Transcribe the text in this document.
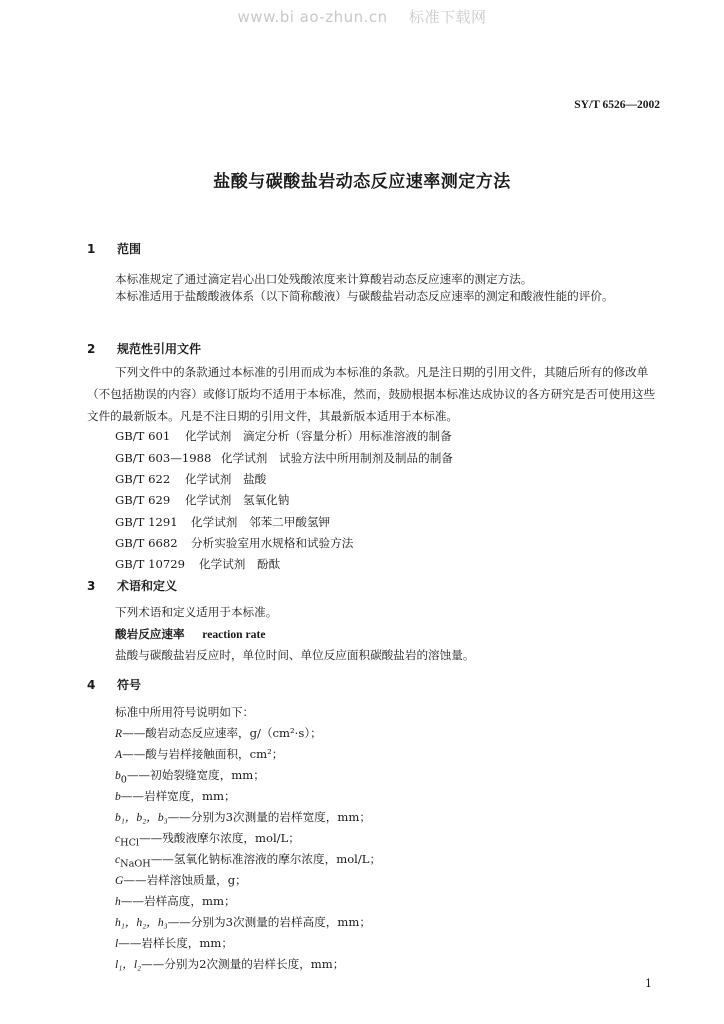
www.bi ao-zhun.cn 标准下载网
SY/T 6526—2002
盐酸与碳酸盐岩动态反应速率测定方法
1 范围
本标准规定了通过滴定岩心出口处残酸浓度来计算酸岩动态反应速率的测定方法。
本标准适用于盐酸酸液体系（以下简称酸液）与碳酸盐岩动态反应速率的测定和酸液性能的评价。
2 规范性引用文件
下列文件中的条款通过本标准的引用而成为本标准的条款。凡是注日期的引用文件，其随后所有的修改单（不包括勘误的内容）或修订版均不适用于本标准，然而，鼓励根据本标准达成协议的各方研究是否可使用这些文件的最新版本。凡是不注日期的引用文件，其最新版本适用于本标准。
GB/T 601 化学试剂　滴定分析（容量分析）用标准溶液的制备
GB/T 603—1988 化学试剂　试验方法中所用制剂及制品的制备
GB/T 622 化学试剂　盐酸
GB/T 629 化学试剂　氢氧化钠
GB/T 1291 化学试剂　邻苯二甲酸氢钾
GB/T 6682 分析实验室用水规格和试验方法
GB/T 10729 化学试剂　酚酞
3 术语和定义
下列术语和定义适用于本标准。
酸岩反应速率 reaction rate
盐酸与碳酸盐岩反应时，单位时间、单位反应面积碳酸盐岩的溶蚀量。
4 符号
标准中所用符号说明如下：
R——酸岩动态反应速率，g/（cm²·s）；
A——酸与岩样接触面积，cm²；
$b_0——$初始裂缝宽度，mm；
b——岩样宽度，mm；
b₁，b₂，b₃——分别为3次测量的岩样宽度，mm；
$c_{HCl}——$残酸液摩尔浓度，mol/L；
$c_{NaOH}——$氢氧化钠标准溶液的摩尔浓度，mol/L；
G——岩样溶蚀质量，g；
h——岩样高度，mm；
h₁，h₂，h₃——分别为3次测量的岩样高度，mm；
l——岩样长度，mm；
l₁，l₂——分别为2次测量的岩样长度，mm；
1
